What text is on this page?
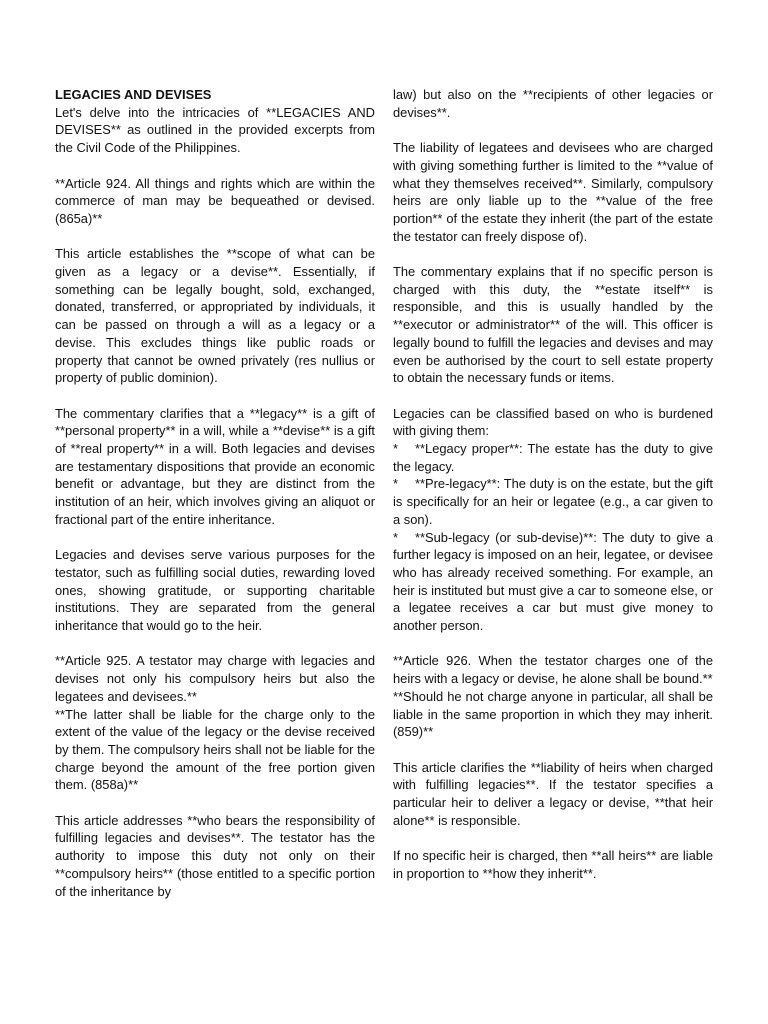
LEGACIES AND DEVISES

Let's delve into the intricacies of **LEGACIES AND DEVISES** as outlined in the provided excerpts from the Civil Code of the Philippines.

**Article 924. All things and rights which are within the commerce of man may be bequeathed or devised. (865a)**

This article establishes the **scope of what can be given as a legacy or a devise**. Essentially, if something can be legally bought, sold, exchanged, donated, transferred, or appropriated by individuals, it can be passed on through a will as a legacy or a devise. This excludes things like public roads or property that cannot be owned privately (res nullius or property of public dominion).

The commentary clarifies that a **legacy** is a gift of **personal property** in a will, while a **devise** is a gift of **real property** in a will. Both legacies and devises are testamentary dispositions that provide an economic benefit or advantage, but they are distinct from the institution of an heir, which involves giving an aliquot or fractional part of the entire inheritance.

Legacies and devises serve various purposes for the testator, such as fulfilling social duties, rewarding loved ones, showing gratitude, or supporting charitable institutions. They are separated from the general inheritance that would go to the heir.

**Article 925. A testator may charge with legacies and devises not only his compulsory heirs but also the legatees and devisees.**

**The latter shall be liable for the charge only to the extent of the value of the legacy or the devise received by them. The compulsory heirs shall not be liable for the charge beyond the amount of the free portion given them. (858a)**

This article addresses **who bears the responsibility of fulfilling legacies and devises**. The testator has the authority to impose this duty not only on their **compulsory heirs** (those entitled to a specific portion of the inheritance by

law) but also on the **recipients of other legacies or devises**.

The liability of legatees and devisees who are charged with giving something further is limited to the **value of what they themselves received**. Similarly, compulsory heirs are only liable up to the **value of the free portion** of the estate they inherit (the part of the estate the testator can freely dispose of).

The commentary explains that if no specific person is charged with this duty, the **estate itself** is responsible, and this is usually handled by the **executor or administrator** of the will. This officer is legally bound to fulfill the legacies and devises and may even be authorised by the court to sell estate property to obtain the necessary funds or items.

Legacies can be classified based on who is burdened with giving them:

* **Legacy proper**: The estate has the duty to give the legacy.
* **Pre-legacy**: The duty is on the estate, but the gift is specifically for an heir or legatee (e.g., a car given to a son).
* **Sub-legacy (or sub-devise)**: The duty to give a further legacy is imposed on an heir, legatee, or devisee who has already received something. For example, an heir is instituted but must give a car to someone else, or a legatee receives a car but must give money to another person.

**Article 926. When the testator charges one of the heirs with a legacy or devise, he alone shall be bound.**

**Should he not charge anyone in particular, all shall be liable in the same proportion in which they may inherit. (859)**

This article clarifies the **liability of heirs when charged with fulfilling legacies**. If the testator specifies a particular heir to deliver a legacy or devise, **that heir alone** is responsible.

If no specific heir is charged, then **all heirs** are liable in proportion to **how they inherit**.
